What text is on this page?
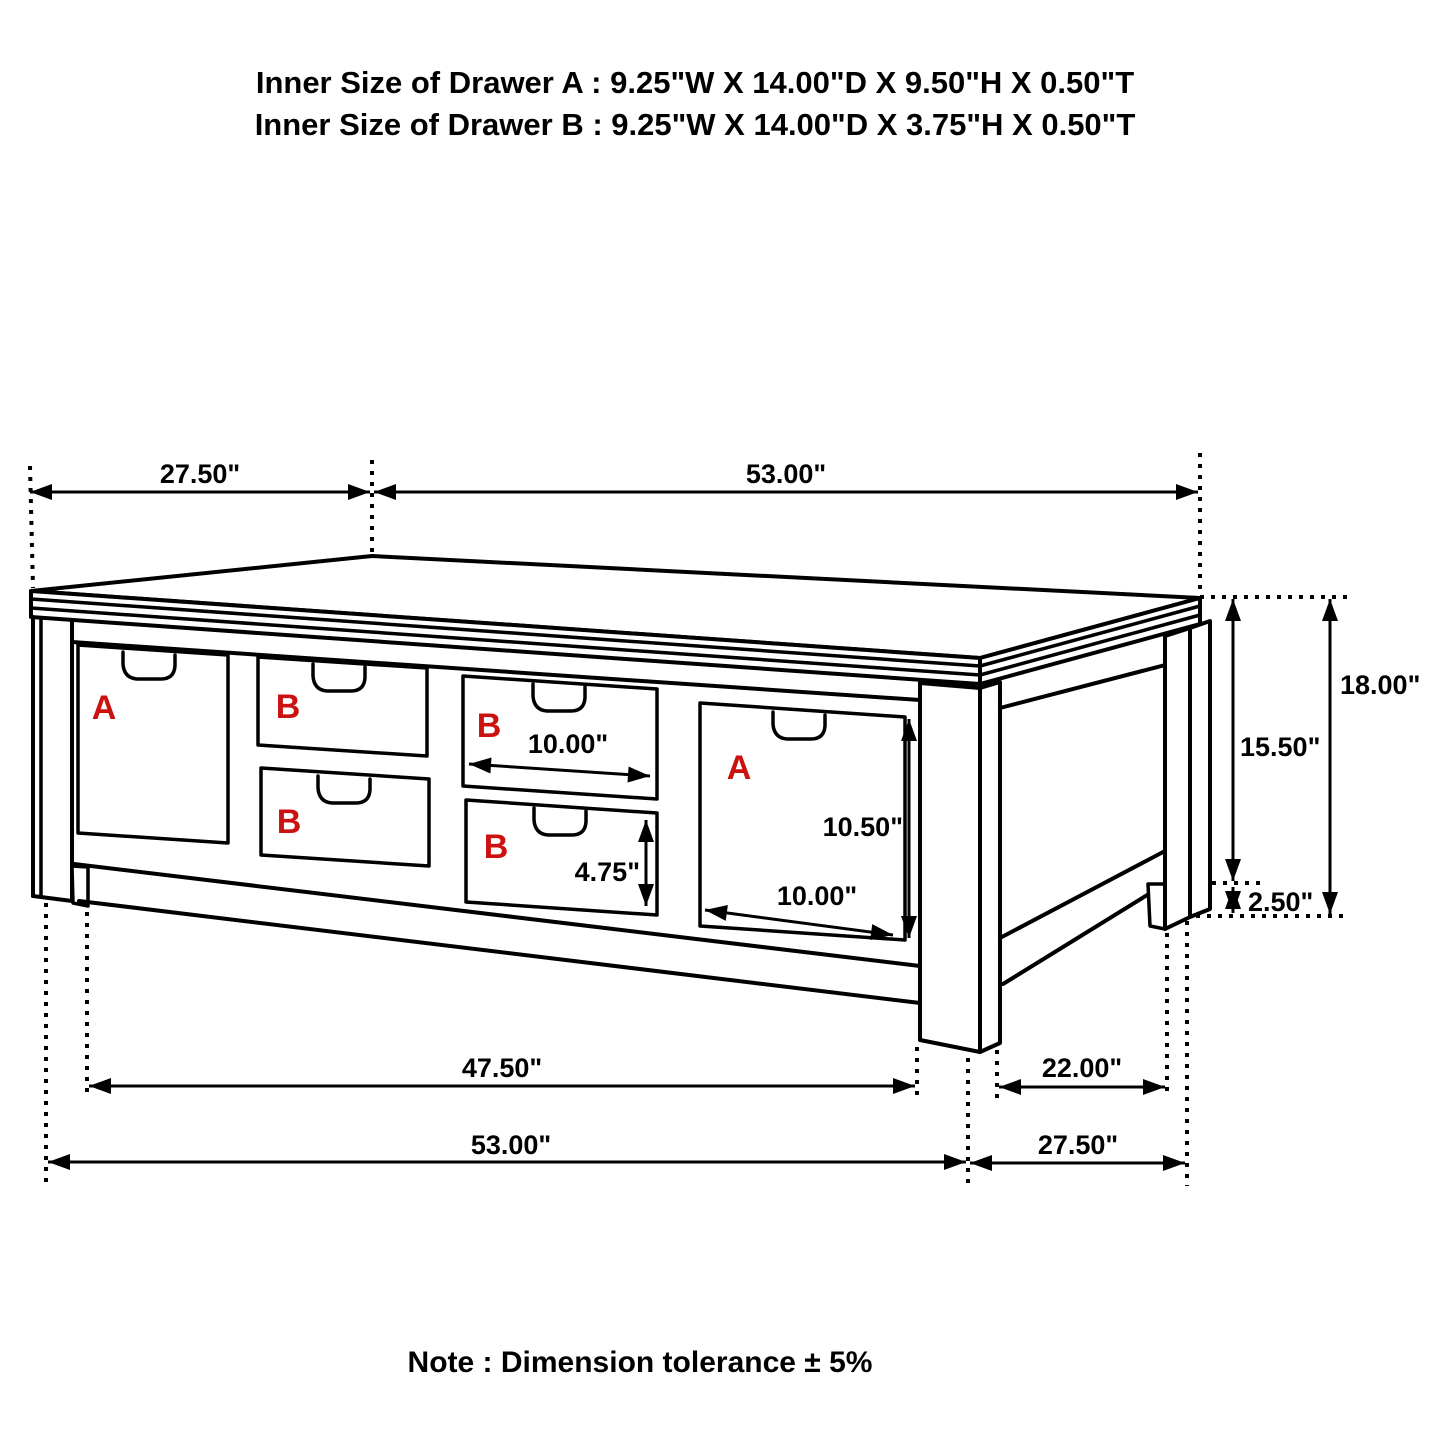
27.50"	53.00"
18.00"
15.50"
2.50"
10.00"
4.75"
10.50"
10.00"
47.50"
53.00"
22.00"
27.50"
A	B
B
B
B
A
Inner Size of Drawer A : 9.25"W X 14.00"D X 9.50"H X 0.50"T
Inner Size of Drawer B : 9.25"W X 14.00"D X 3.75"H X 0.50"T
Note : Dimension tolerance ± 5%
